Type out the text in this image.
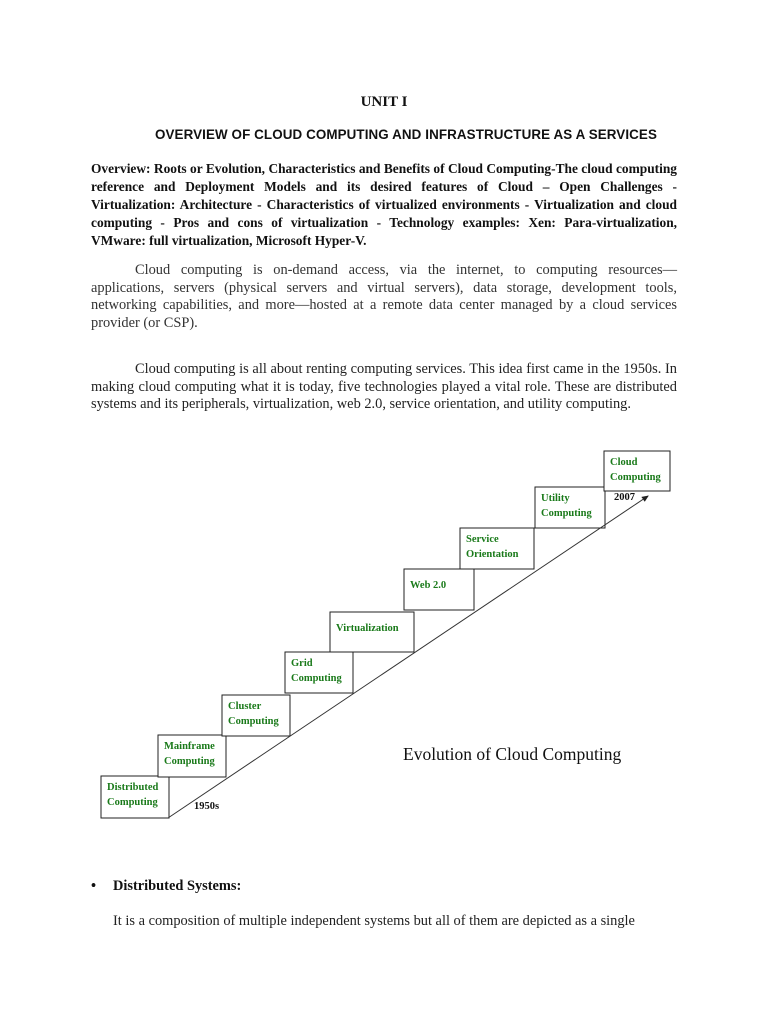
UNIT I
OVERVIEW OF CLOUD COMPUTING AND INFRASTRUCTURE AS A SERVICES
Overview: Roots or Evolution, Characteristics and Benefits of Cloud Computing-The cloud computing reference and Deployment Models and its desired features of Cloud – Open Challenges - Virtualization: Architecture - Characteristics of virtualized environments - Virtualization and cloud computing - Pros and cons of virtualization - Technology examples: Xen: Para-virtualization, VMware: full virtualization, Microsoft Hyper-V.
Cloud computing is on-demand access, via the internet, to computing resources—applications, servers (physical servers and virtual servers), data storage, development tools, networking capabilities, and more—hosted at a remote data center managed by a cloud services provider (or CSP).
Cloud computing is all about renting computing services. This idea first came in the 1950s. In making cloud computing what it is today, five technologies played a vital role. These are distributed systems and its peripherals, virtualization, web 2.0, service orientation, and utility computing.
Evolution of Cloud Computing
1950s
2007
Distributed
Computing
Mainframe
Computing
Cluster
Computing
Grid
Computing
Virtualization
Web 2.0
Service
Orientation
Utility
Computing
Cloud
Computing
• Distributed Systems:
It is a composition of multiple independent systems but all of them are depicted as a single
